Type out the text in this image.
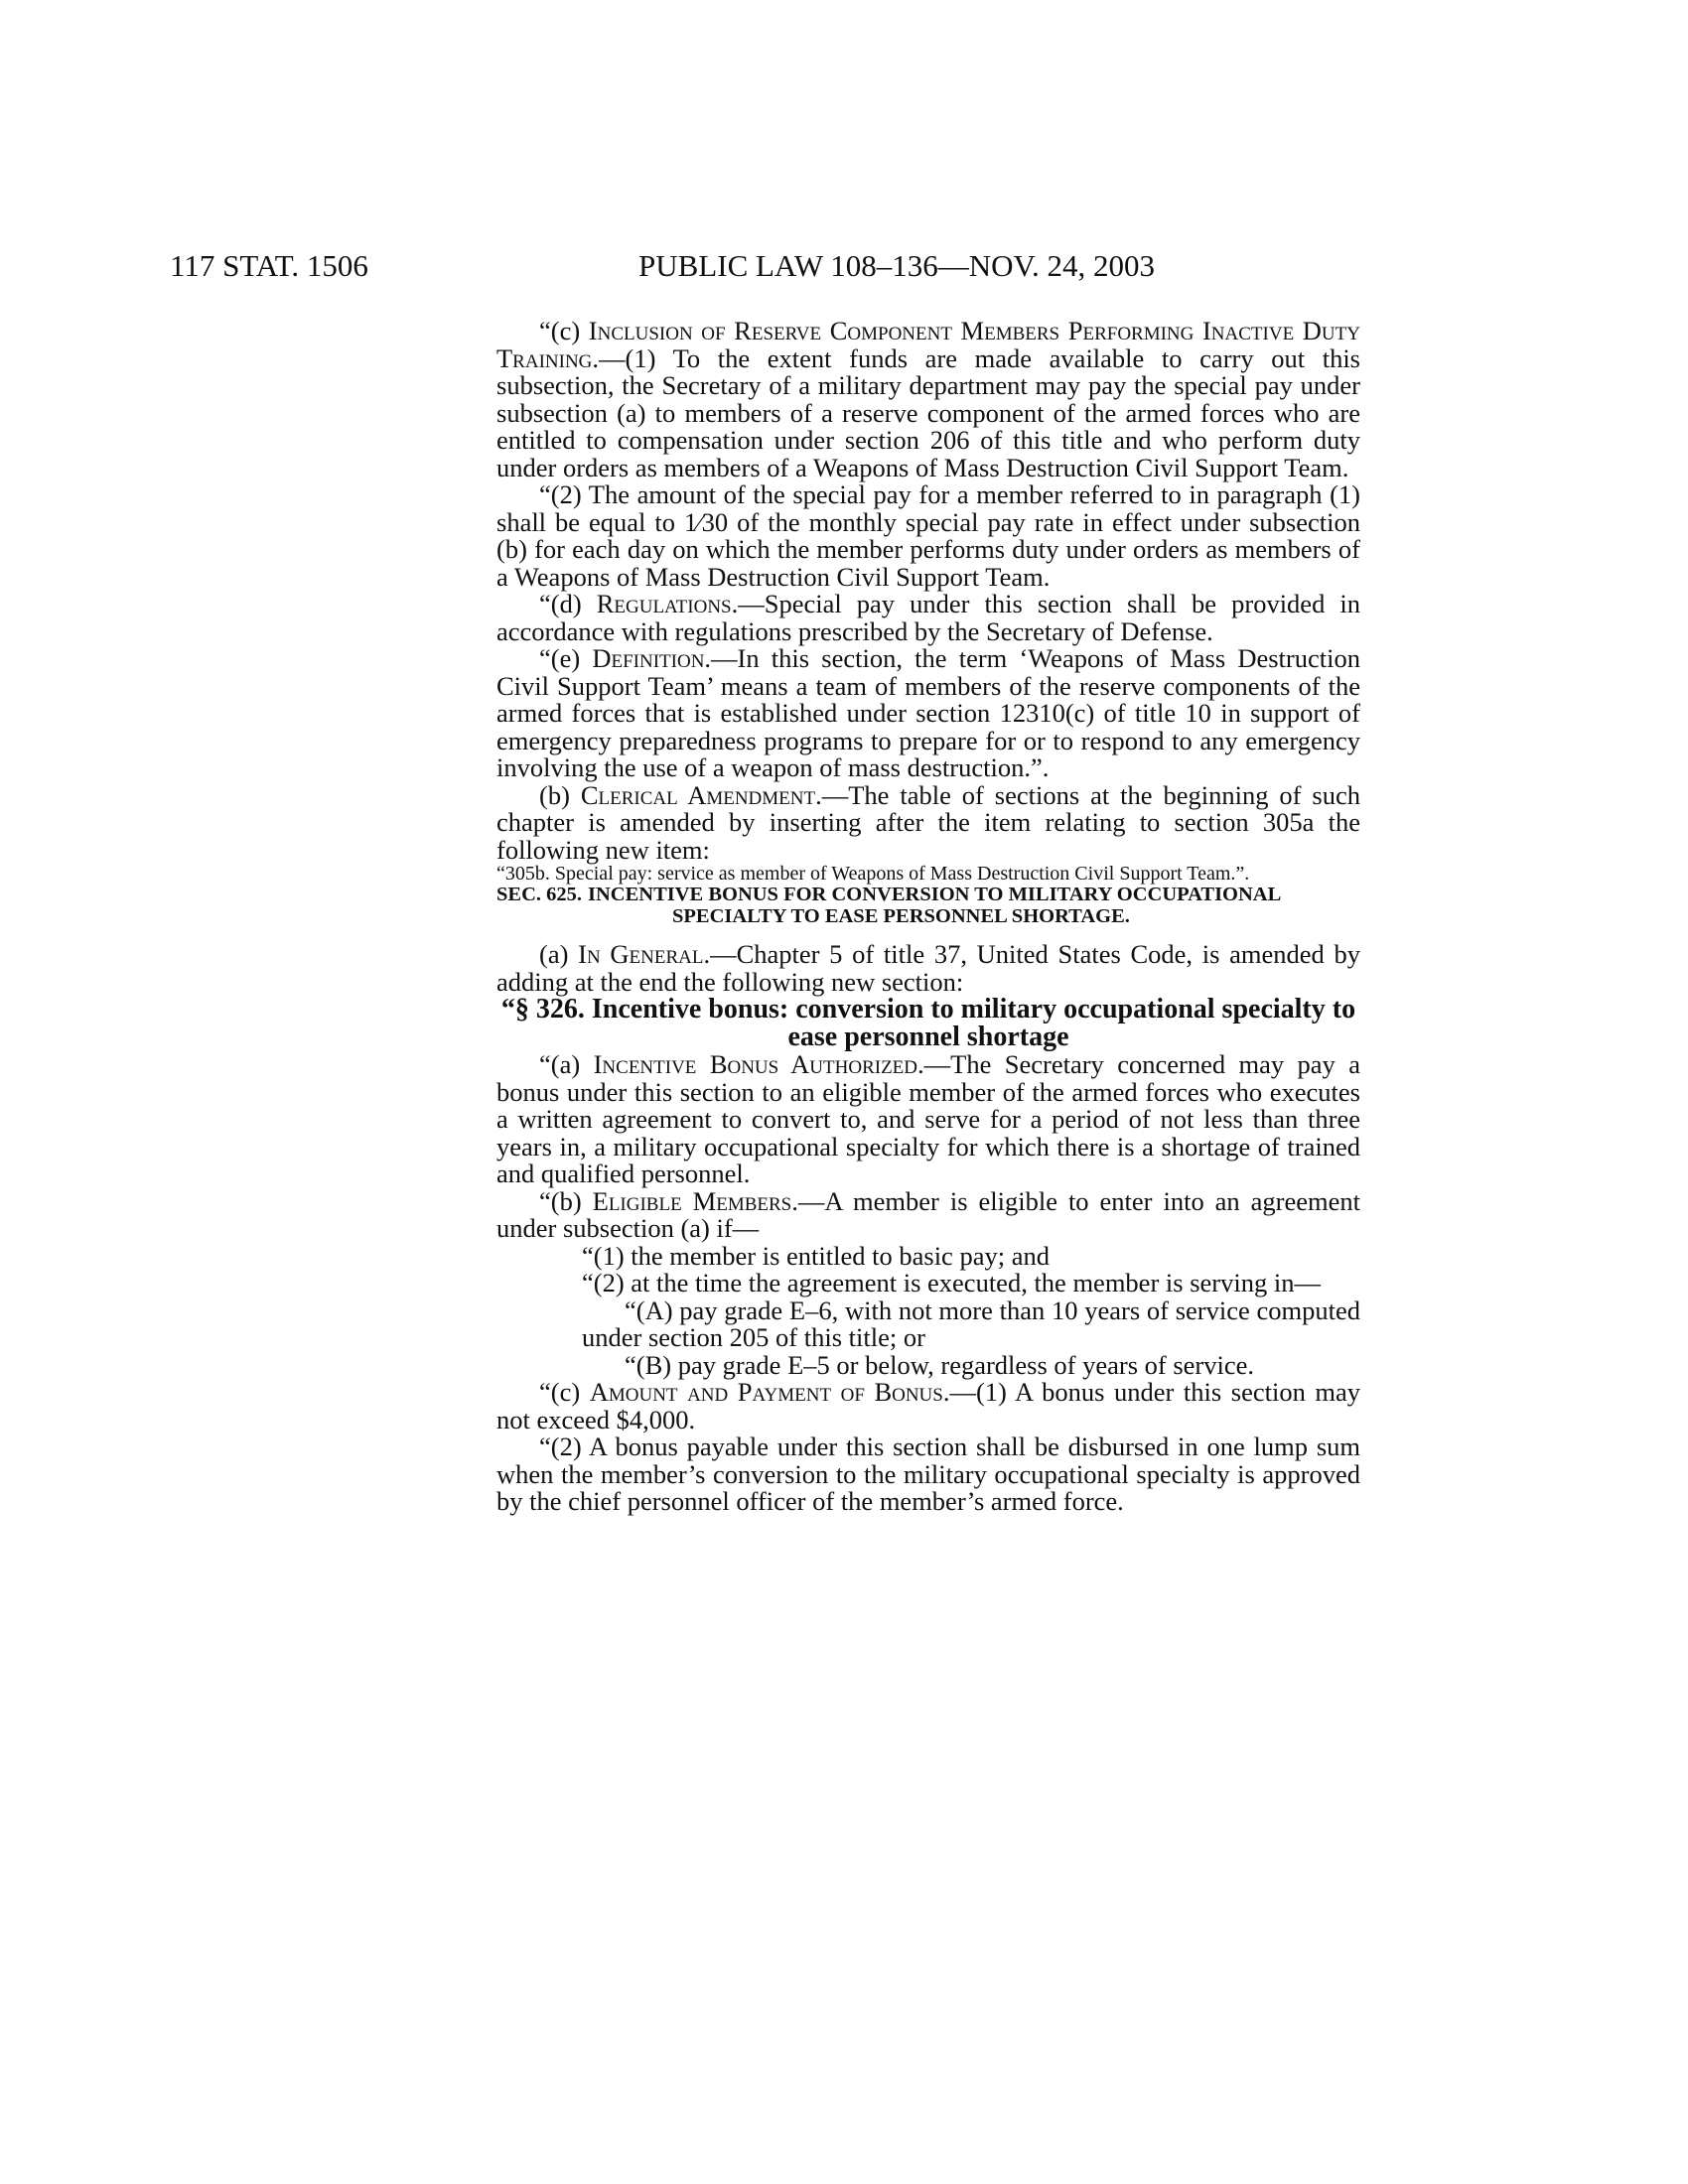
117 STAT. 1506	PUBLIC LAW 108–136—NOV. 24, 2003

“(c) Inclusion of Reserve Component Members Performing Inactive Duty Training.—(1) To the extent funds are made available to carry out this subsection, the Secretary of a military department may pay the special pay under subsection (a) to members of a reserve component of the armed forces who are entitled to compensation under section 206 of this title and who perform duty under orders as members of a Weapons of Mass Destruction Civil Support Team.

“(2) The amount of the special pay for a member referred to in paragraph (1) shall be equal to 1⁄30 of the monthly special pay rate in effect under subsection (b) for each day on which the member performs duty under orders as members of a Weapons of Mass Destruction Civil Support Team.

“(d) Regulations.—Special pay under this section shall be provided in accordance with regulations prescribed by the Secretary of Defense.

“(e) Definition.—In this section, the term ‘Weapons of Mass Destruction Civil Support Team’ means a team of members of the reserve components of the armed forces that is established under section 12310(c) of title 10 in support of emergency preparedness programs to prepare for or to respond to any emergency involving the use of a weapon of mass destruction.”.

(b) Clerical Amendment.—The table of sections at the beginning of such chapter is amended by inserting after the item relating to section 305a the following new item:

“305b. Special pay: service as member of Weapons of Mass Destruction Civil Support Team.”.

SEC. 625. INCENTIVE BONUS FOR CONVERSION TO MILITARY OCCUPATIONAL SPECIALTY TO EASE PERSONNEL SHORTAGE.

(a) In General.—Chapter 5 of title 37, United States Code, is amended by adding at the end the following new section:

“§ 326. Incentive bonus: conversion to military occupational specialty to ease personnel shortage

“(a) Incentive Bonus Authorized.—The Secretary concerned may pay a bonus under this section to an eligible member of the armed forces who executes a written agreement to convert to, and serve for a period of not less than three years in, a military occupational specialty for which there is a shortage of trained and qualified personnel.

“(b) Eligible Members.—A member is eligible to enter into an agreement under subsection (a) if—

“(1) the member is entitled to basic pay; and

“(2) at the time the agreement is executed, the member is serving in—

“(A) pay grade E–6, with not more than 10 years of service computed under section 205 of this title; or

“(B) pay grade E–5 or below, regardless of years of service.

“(c) Amount and Payment of Bonus.—(1) A bonus under this section may not exceed $4,000.

“(2) A bonus payable under this section shall be disbursed in one lump sum when the member’s conversion to the military occupational specialty is approved by the chief personnel officer of the member’s armed force.
